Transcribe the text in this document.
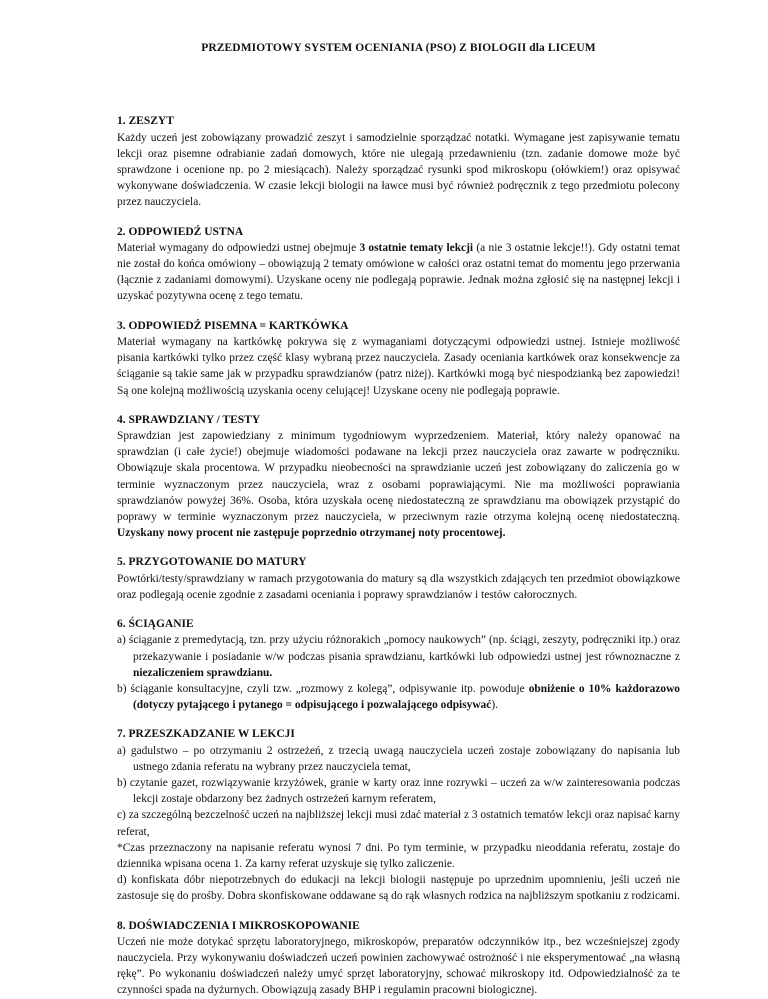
PRZEDMIOTOWY SYSTEM OCENIANIA (PSO) Z BIOLOGII dla LICEUM
1. ZESZYT

Każdy uczeń jest zobowiązany prowadzić zeszyt i samodzielnie sporządzać notatki. Wymagane jest zapisywanie tematu lekcji oraz pisemne odrabianie zadań domowych, które nie ulegają przedawnieniu (tzn. zadanie domowe może być sprawdzone i ocenione np. po 2 miesiącach). Należy sporządzać rysunki spod mikroskopu (ołówkiem!) oraz opisywać wykonywane doświadczenia. W czasie lekcji biologii na ławce musi być również podręcznik z tego przedmiotu polecony przez nauczyciela.

2. ODPOWIEDŹ USTNA

Materiał wymagany do odpowiedzi ustnej obejmuje 3 ostatnie tematy lekcji (a nie 3 ostatnie lekcje!!). Gdy ostatni temat nie został do końca omówiony – obowiązują 2 tematy omówione w całości oraz ostatni temat do momentu jego przerwania (łącznie z zadaniami domowymi). Uzyskane oceny nie podlegają poprawie. Jednak można zgłosić się na następnej lekcji i uzyskać pozytywna ocenę z tego tematu.

3. ODPOWIEDŹ PISEMNA = KARTKÓWKA

Materiał wymagany na kartkówkę pokrywa się z wymaganiami dotyczącymi odpowiedzi ustnej. Istnieje możliwość pisania kartkówki tylko przez część klasy wybraną przez nauczyciela. Zasady oceniania kartkówek oraz konsekwencje za ściąganie są takie same jak w przypadku sprawdzianów (patrz niżej). Kartkówki mogą być niespodzianką bez zapowiedzi! Są one kolejną możliwością uzyskania oceny celującej! Uzyskane oceny nie podlegają poprawie.

4. SPRAWDZIANY / TESTY

Sprawdzian jest zapowiedziany z minimum tygodniowym wyprzedzeniem. Materiał, który należy opanować na sprawdzian (i całe życie!) obejmuje wiadomości podawane na lekcji przez nauczyciela oraz zawarte w podręczniku. Obowiązuje skala procentowa. W przypadku nieobecności na sprawdzianie uczeń jest zobowiązany do zaliczenia go w terminie wyznaczonym przez nauczyciela, wraz z osobami poprawiającymi. Nie ma możliwości poprawiania sprawdzianów powyżej 36%. Osoba, która uzyskała ocenę niedostateczną ze sprawdzianu ma obowiązek przystąpić do poprawy w terminie wyznaczonym przez nauczyciela, w przeciwnym razie otrzyma kolejną ocenę niedostateczną. Uzyskany nowy procent nie zastępuje poprzednio otrzymanej noty procentowej.

5. PRZYGOTOWANIE DO MATURY

Powtórki/testy/sprawdziany w ramach przygotowania do matury są dla wszystkich zdających ten przedmiot obowiązkowe oraz podlegają ocenie zgodnie z zasadami oceniania i poprawy sprawdzianów i testów całorocznych.

6. ŚCIĄGANIE

a) ściąganie z premedytacją, tzn. przy użyciu różnorakich „pomocy naukowych” (np. ściągi, zeszyty, podręczniki itp.) oraz przekazywanie i posiadanie w/w podczas pisania sprawdzianu, kartkówki lub odpowiedzi ustnej jest równoznaczne z niezaliczeniem sprawdzianu.

b) ściąganie konsultacyjne, czyli tzw. „rozmowy z kolegą”, odpisywanie itp. powoduje obniżenie o 10% każdorazowo (dotyczy pytającego i pytanego = odpisującego i pozwalającego odpisywać).

7. PRZESZKADZANIE W LEKCJI

a) gadulstwo – po otrzymaniu 2 ostrzeżeń, z trzecią uwagą nauczyciela uczeń zostaje zobowiązany do napisania lub ustnego zdania referatu na wybrany przez nauczyciela temat,

b) czytanie gazet, rozwiązywanie krzyżówek, granie w karty oraz inne rozrywki – uczeń za w/w zainteresowania podczas lekcji zostaje obdarzony bez żadnych ostrzeżeń karnym referatem,

c) za szczególną bezczelność uczeń na najbliższej lekcji musi zdać materiał z 3 ostatnich tematów lekcji oraz napisać karny referat,

*Czas przeznaczony na napisanie referatu wynosi 7 dni. Po tym terminie, w przypadku nieoddania referatu, zostaje do dziennika wpisana ocena 1. Za karny referat uzyskuje się tylko zaliczenie.

d) konfiskata dóbr niepotrzebnych do edukacji na lekcji biologii następuje po uprzednim upomnieniu, jeśli uczeń nie zastosuje się do prośby. Dobra skonfiskowane oddawane są do rąk własnych rodzica na najbliższym spotkaniu z rodzicami.

8. DOŚWIADCZENIA I MIKROSKOPOWANIE

Uczeń nie może dotykać sprzętu laboratoryjnego, mikroskopów, preparatów odczynników itp., bez wcześniejszej zgody nauczyciela. Przy wykonywaniu doświadczeń uczeń powinien zachowywać ostrożność i nie eksperymentować „na własną rękę”. Po wykonaniu doświadczeń należy umyć sprzęt laboratoryjny, schować mikroskopy itd. Odpowiedzialność za te czynności spada na dyżurnych. Obowiązują zasady BHP i regulamin pracowni biologicznej.
